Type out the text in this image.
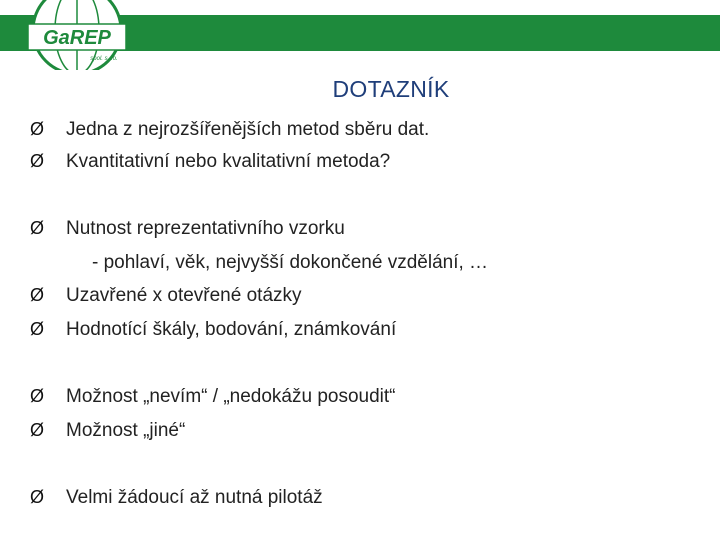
GaREP
spol. s r.o.
DOTAZNÍK
Ø Jedna z nejrozšířenějších metod sběru dat.
Ø Kvantitativní nebo kvalitativní metoda?
Ø Nutnost reprezentativního vzorku
- pohlaví, věk, nejvyšší dokončené vzdělání, …
Ø Uzavřené x otevřené otázky
Ø Hodnotící škály, bodování, známkování
Ø Možnost „nevím“ / „nedokážu posoudit“
Ø Možnost „jiné“
Ø Velmi žádoucí až nutná pilotáž
